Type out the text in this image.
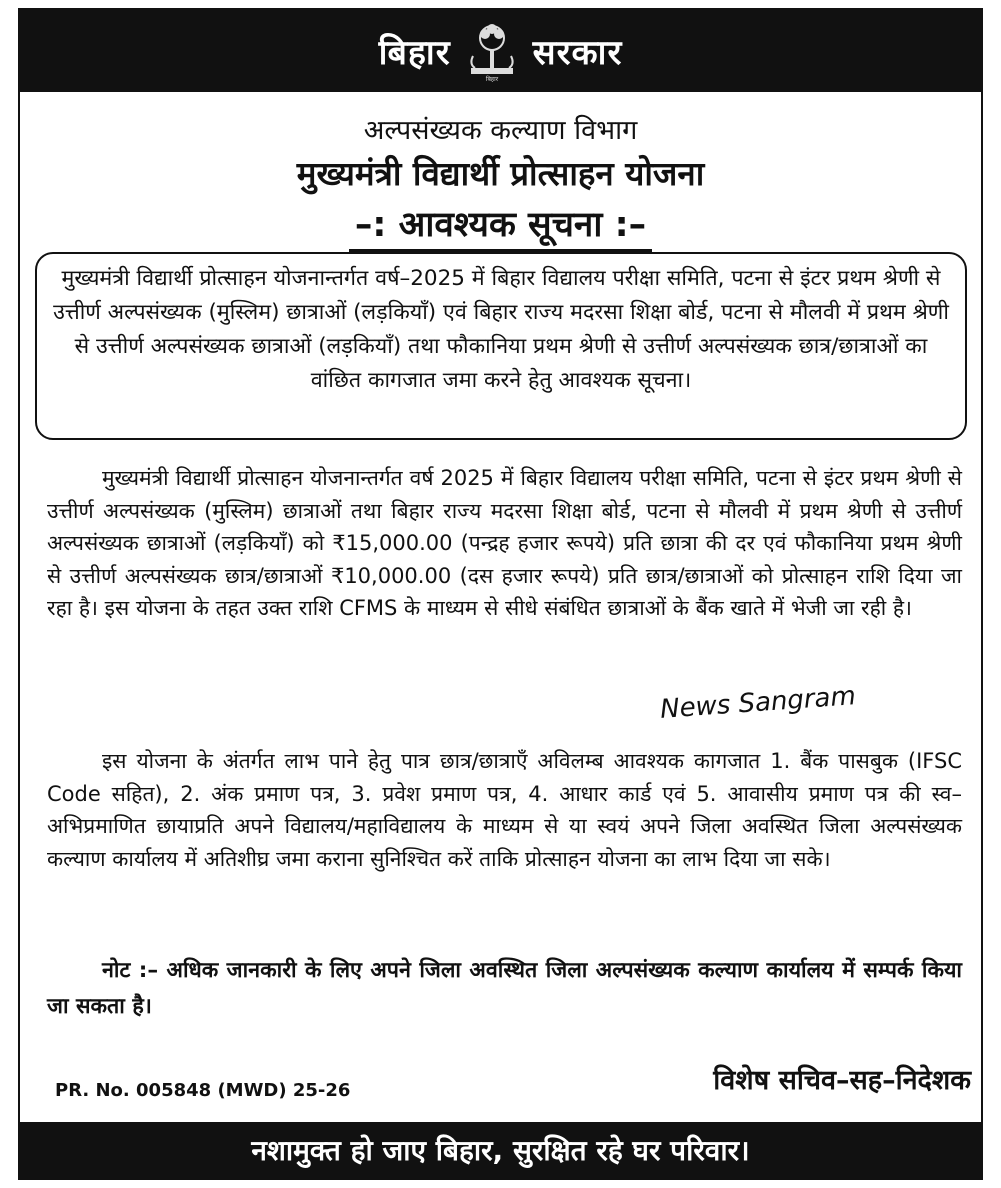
बिहार
बिहार
सरकार
अल्पसंख्यक कल्याण विभाग
मुख्यमंत्री विद्यार्थी प्रोत्साहन योजना
–: आवश्यक सूचना :–
मुख्यमंत्री विद्यार्थी प्रोत्साहन योजनान्तर्गत वर्ष–2025 में बिहार विद्यालय परीक्षा समिति, पटना से इंटर प्रथम श्रेणी से उत्तीर्ण अल्पसंख्यक (मुस्लिम) छात्राओं (लड़कियाँ) एवं बिहार राज्य मदरसा शिक्षा बोर्ड, पटना से मौलवी में प्रथम श्रेणी से उत्तीर्ण अल्पसंख्यक छात्राओं (लड़कियाँ) तथा फौकानिया प्रथम श्रेणी से उत्तीर्ण अल्पसंख्यक छात्र/छात्राओं का वांछित कागजात जमा करने हेतु आवश्यक सूचना।
मुख्यमंत्री विद्यार्थी प्रोत्साहन योजनान्तर्गत वर्ष 2025 में बिहार विद्यालय परीक्षा समिति, पटना से इंटर प्रथम श्रेणी से उत्तीर्ण अल्पसंख्यक (मुस्लिम) छात्राओं तथा बिहार राज्य मदरसा शिक्षा बोर्ड, पटना से मौलवी में प्रथम श्रेणी से उत्तीर्ण अल्पसंख्यक छात्राओं (लड़कियाँ) को ₹15,000.00 (पन्द्रह हजार रूपये) प्रति छात्रा की दर एवं फौकानिया प्रथम श्रेणी से उत्तीर्ण अल्पसंख्यक छात्र/छात्राओं ₹10,000.00 (दस हजार रूपये) प्रति छात्र/छात्राओं को प्रोत्साहन राशि दिया जा रहा है। इस योजना के तहत उक्त राशि CFMS के माध्यम से सीधे संबंधित छात्राओं के बैंक खाते में भेजी जा रही है।
इस योजना के अंतर्गत लाभ पाने हेतु पात्र छात्र/छात्राएँ अविलम्ब आवश्यक कागजात 1. बैंक पासबुक (IFSC Code सहित), 2. अंक प्रमाण पत्र, 3. प्रवेश प्रमाण पत्र, 4. आधार कार्ड एवं 5. आवासीय प्रमाण पत्र की स्व–अभिप्रमाणित छायाप्रति अपने विद्यालय/महाविद्यालय के माध्यम से या स्वयं अपने जिला अवस्थित जिला अल्पसंख्यक कल्याण कार्यालय में अतिशीघ्र जमा कराना सुनिश्चित करें ताकि प्रोत्साहन योजना का लाभ दिया जा सके।
नोट :– अधिक जानकारी के लिए अपने जिला अवस्थित जिला अल्पसंख्यक कल्याण कार्यालय में सम्पर्क किया जा सकता है।
PR. No. 005848 (MWD) 25-26	विशेष सचिव–सह–निदेशक
News Sangram
नशामुक्त हो जाए बिहार, सुरक्षित रहे घर परिवार।
